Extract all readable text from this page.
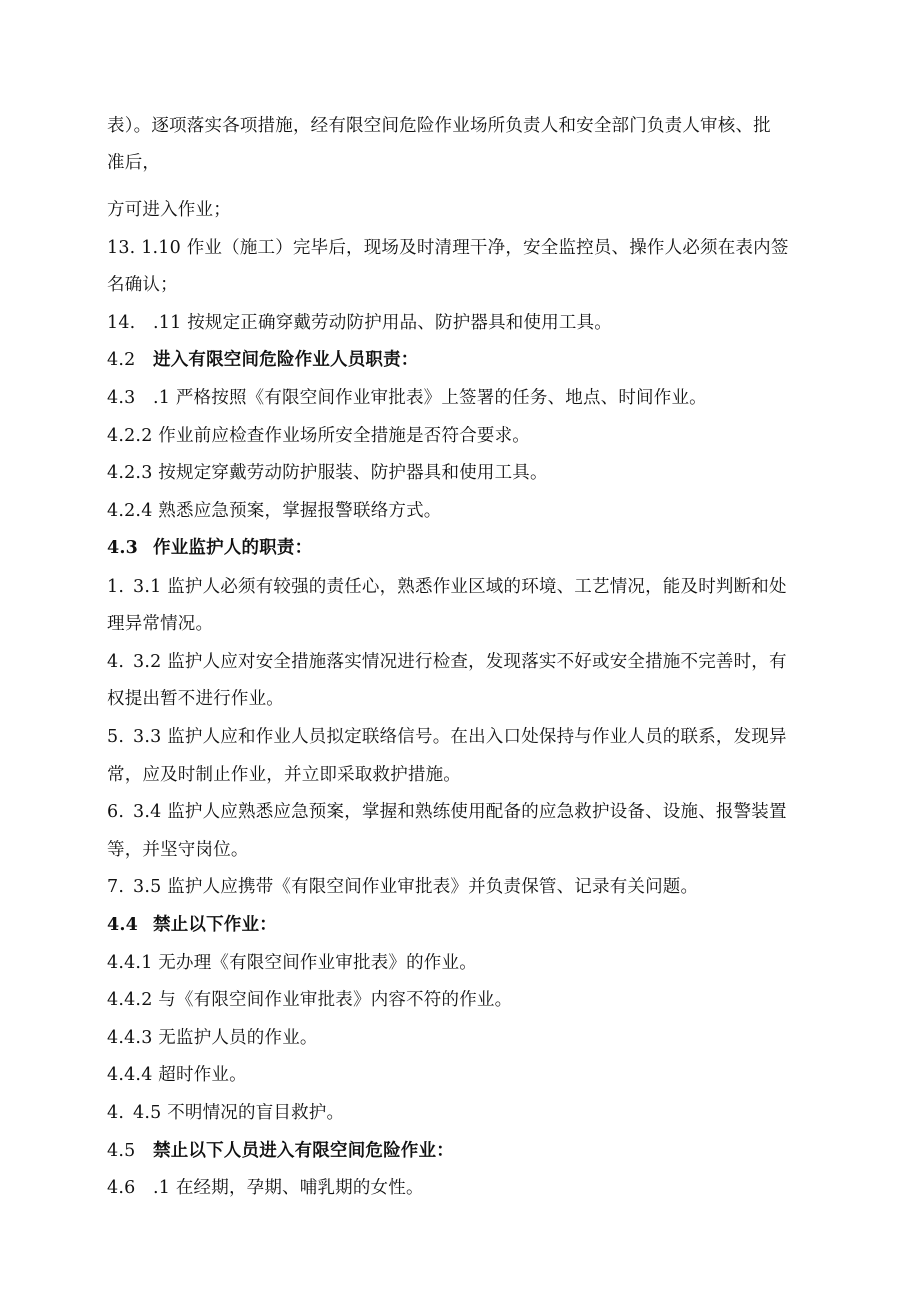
表）。逐项落实各项措施，经有限空间危险作业场所负责人和安全部门负责人审核、批
准后，
方可进入作业；
13. 1.10 作业（施工）完毕后，现场及时清理干净，安全监控员、操作人必须在表内签
名确认；
14. .11 按规定正确穿戴劳动防护用品、防护器具和使用工具。
4.2 进入有限空间危险作业人员职责：
4.3 .1 严格按照《有限空间作业审批表》上签署的任务、地点、时间作业。
4.2.2 作业前应检查作业场所安全措施是否符合要求。
4.2.3 按规定穿戴劳动防护服装、防护器具和使用工具。
4.2.4 熟悉应急预案，掌握报警联络方式。
4.3 作业监护人的职责：
1. 3.1 监护人必须有较强的责任心，熟悉作业区域的环境、工艺情况，能及时判断和处
理异常情况。
4. 3.2 监护人应对安全措施落实情况进行检查，发现落实不好或安全措施不完善时，有
权提出暂不进行作业。
5. 3.3 监护人应和作业人员拟定联络信号。在出入口处保持与作业人员的联系，发现异
常，应及时制止作业，并立即采取救护措施。
6. 3.4 监护人应熟悉应急预案，掌握和熟练使用配备的应急救护设备、设施、报警装置
等，并坚守岗位。
7. 3.5 监护人应携带《有限空间作业审批表》并负责保管、记录有关问题。
4.4 禁止以下作业：
4.4.1 无办理《有限空间作业审批表》的作业。
4.4.2 与《有限空间作业审批表》内容不符的作业。
4.4.3 无监护人员的作业。
4.4.4 超时作业。
4. 4.5 不明情况的盲目救护。
4.5 禁止以下人员进入有限空间危险作业：
4.6 .1 在经期，孕期、哺乳期的女性。
